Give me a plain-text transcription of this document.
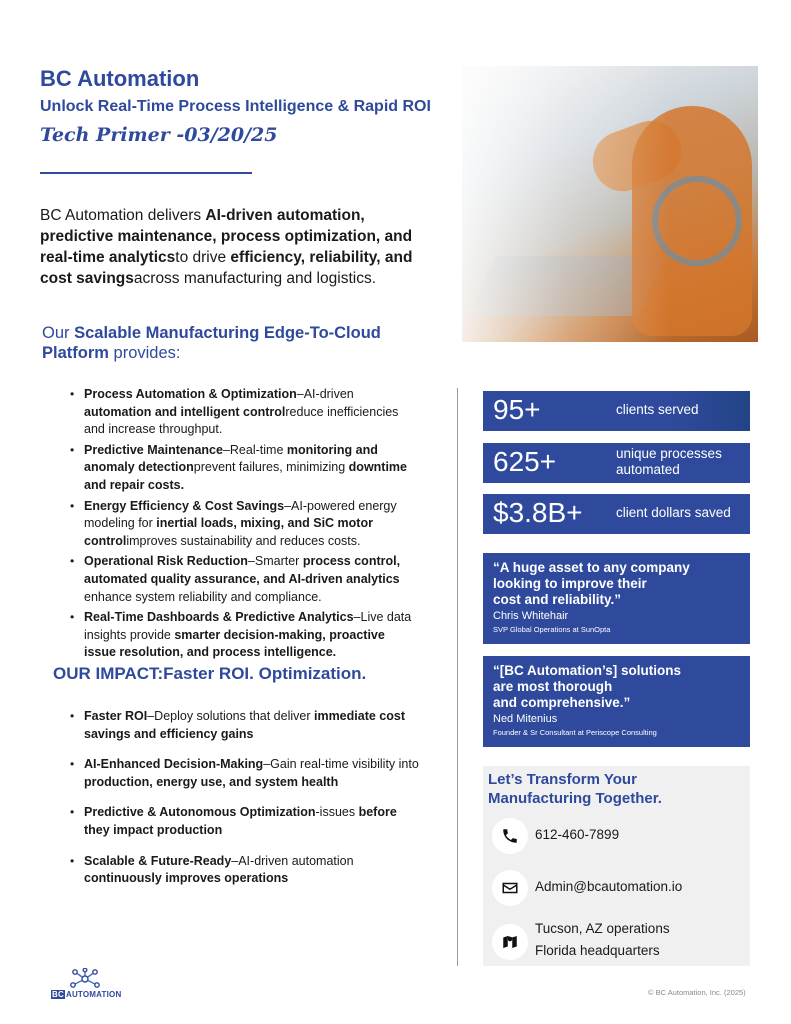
BC Automation
Unlock Real-Time Process Intelligence & Rapid ROI
Tech Primer -03/20/25

BC Automation delivers AI-driven automation, predictive maintenance, process optimization, and real-time analyticsto drive efficiency, reliability, and cost savingsacross manufacturing and logistics.

Our Scalable Manufacturing Edge-To-Cloud Platform provides:
• Process Automation & Optimization–AI-driven automation and intelligent controlreduce inefficiencies and increase throughput.
• Predictive Maintenance–Real-time monitoring and anomaly detectionprevent failures, minimizing downtime and repair costs.
• Energy Efficiency & Cost Savings–AI-powered energy modeling for inertial loads, mixing, and SiC motor controlimproves sustainability and reduces costs.
• Operational Risk Reduction–Smarter process control, automated quality assurance, and AI-driven analytics enhance system reliability and compliance.
• Real-Time Dashboards & Predictive Analytics–Live data insights provide smarter decision-making, proactive issue resolution, and process intelligence.
OUR IMPACT:Faster ROI. Optimization.
• Faster ROI–Deploy solutions that deliver immediate cost savings and efficiency gains
• AI-Enhanced Decision-Making–Gain real-time visibility into production, energy use, and system health
• Predictive & Autonomous Optimization-issues before they impact production
• Scalable & Future-Ready–AI-driven automation continuously improves operations
95+	clients served
625+	unique processes automated
$3.8B+ client dollars saved
“A huge asset to any company
looking to improve their
cost and reliability.”
Chris Whitehair
SVP Global Operations at SunOpta
“[BC Automation’s] solutions
are most thorough
and comprehensive.”
Ned Mitenius
Founder & Sr Consultant at Periscope Consulting
Let’s Transform Your
Manufacturing Together.
612-460-7899
Admin@bcautomation.io
Tucson, AZ operations
Florida headquarters
BC AUTOMATION	© BC Automation, Inc. (2025)
